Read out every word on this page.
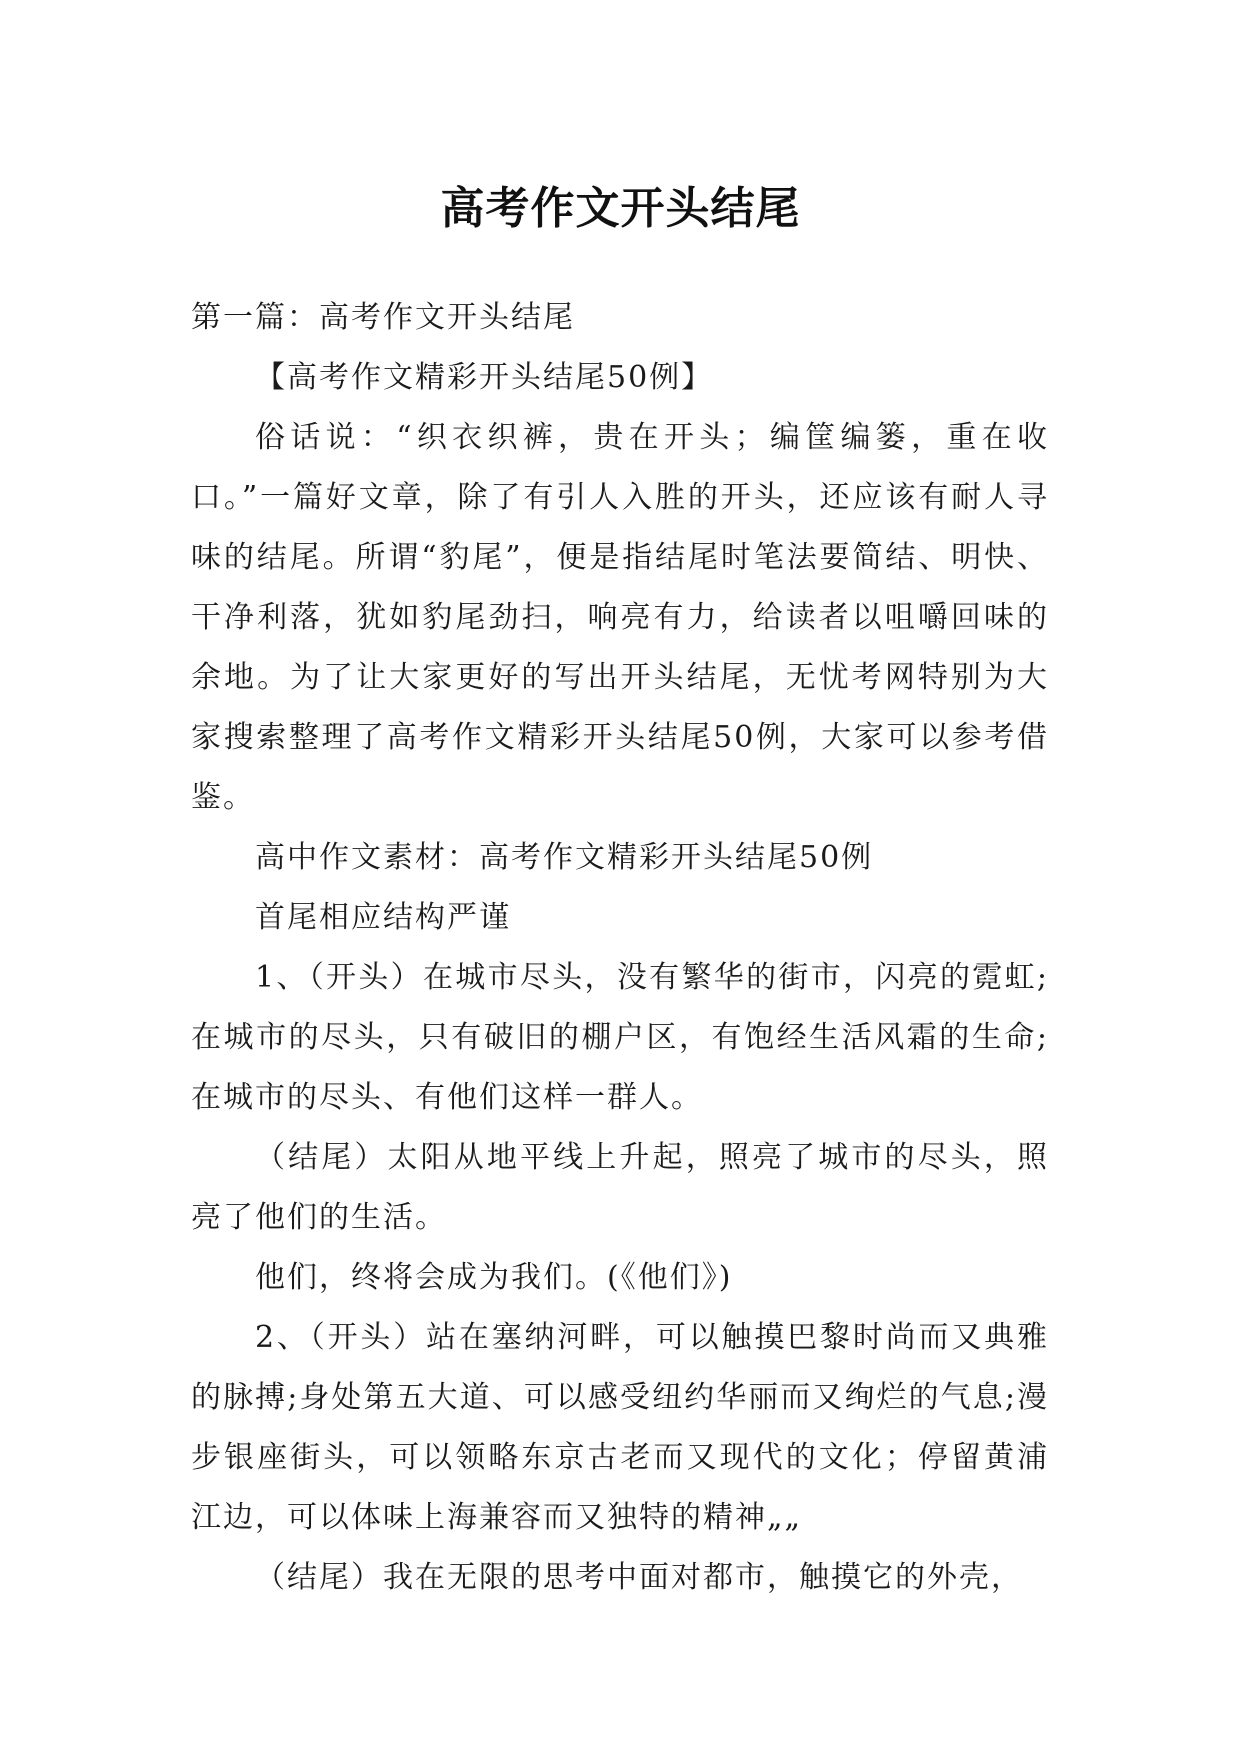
高考作文开头结尾

第一篇：高考作文开头结尾

【高考作文精彩开头结尾50例】

俗话说：“织衣织裤，贵在开头；编筐编篓，重在收口。”一篇好文章，除了有引人入胜的开头，还应该有耐人寻味的结尾。所谓“豹尾”，便是指结尾时笔法要简结、明快、干净利落，犹如豹尾劲扫，响亮有力，给读者以咀嚼回味的余地。为了让大家更好的写出开头结尾，无忧考网特别为大家搜索整理了高考作文精彩开头结尾50例，大家可以参考借鉴。

高中作文素材：高考作文精彩开头结尾50例

首尾相应结构严谨

1、（开头）在城市尽头，没有繁华的街市，闪亮的霓虹;在城市的尽头，只有破旧的棚户区，有饱经生活风霜的生命;在城市的尽头、有他们这样一群人。

（结尾）太阳从地平线上升起，照亮了城市的尽头，照亮了他们的生活。

他们，终将会成为我们。(《他们》)

2、（开头）站在塞纳河畔，可以触摸巴黎时尚而又典雅的脉搏;身处第五大道、可以感受纽约华丽而又绚烂的气息;漫步银座街头，可以领略东京古老而又现代的文化；停留黄浦江边，可以体味上海兼容而又独特的精神„„

（结尾）我在无限的思考中面对都市，触摸它的外壳，
